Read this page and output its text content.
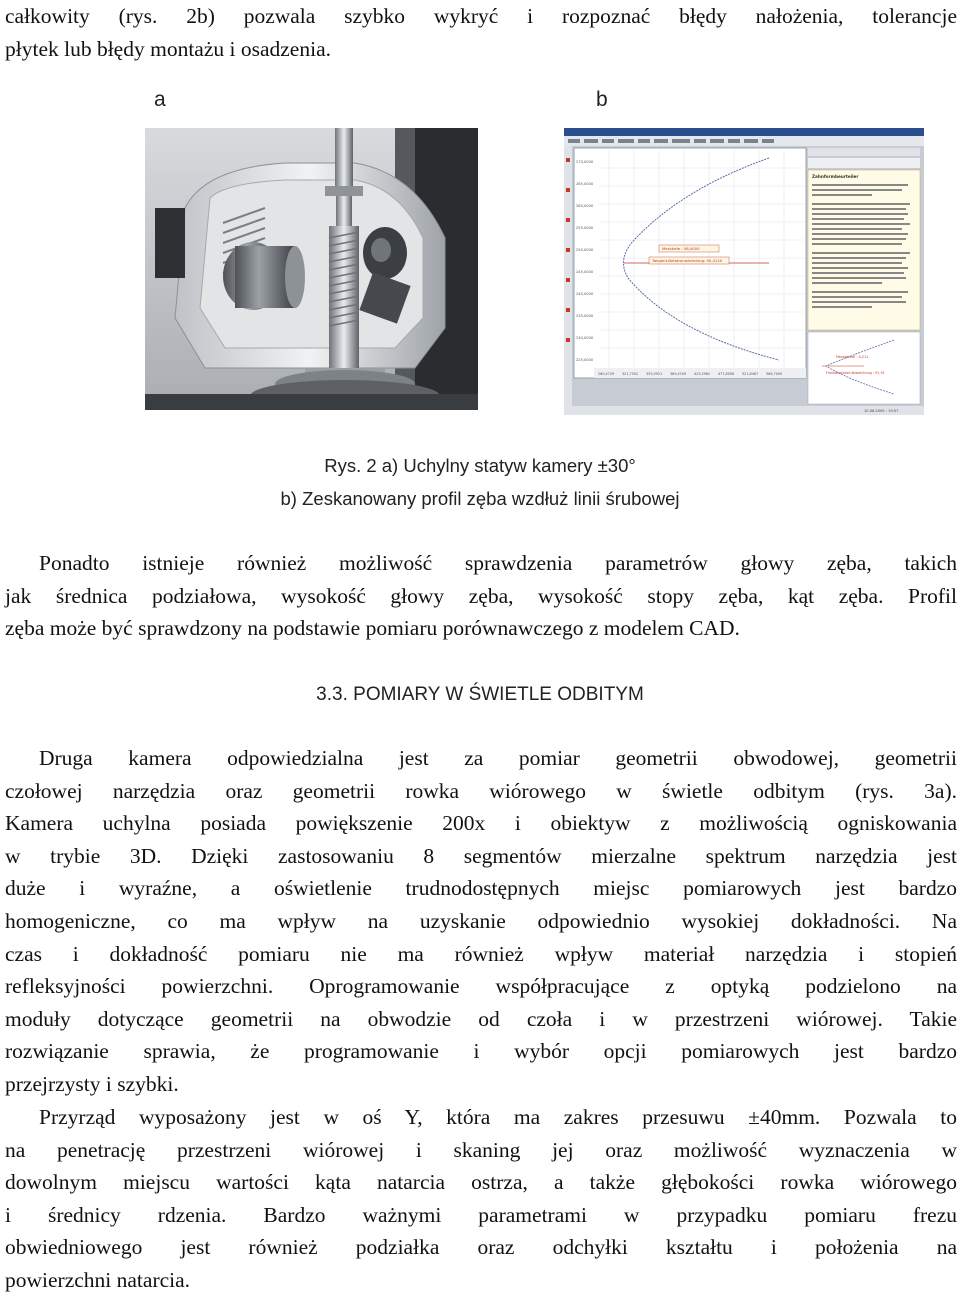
całkowity (rys. 2b) pozwala szybko wykryć i rozpoznać błędy nałożenia, tolerancje
płytek lub błędy montażu i osadzenia.
a	b
270,0000
265,0000
260,0000
255,0000
250,0000
245,0000
240,0000
235,0000
230,0000
225,0000
260,4729 321,7502 355,9921 389,4109 425,5962 477,8008 521,6467 566,7000
Messtiefe : 58,0000
Tangent-Betatronwinkelung: 90,4120
Zahnformbeurteiler
Messwinkel : 4,211
Flankenwinkel-Abweichung : 91,91
10.06.2009 : 19:57
Rys. 2 a) Uchylny statyw kamery ±30°
b) Zeskanowany profil zęba wzdłuż linii śrubowej
Ponadto istnieje również możliwość sprawdzenia parametrów głowy zęba, takich
jak średnica podziałowa, wysokość głowy zęba, wysokość stopy zęba, kąt zęba. Profil
zęba może być sprawdzony na podstawie pomiaru porównawczego z modelem CAD.
3.3. POMIARY W ŚWIETLE ODBITYM
Druga kamera odpowiedzialna jest za pomiar geometrii obwodowej, geometrii
czołowej narzędzia oraz geometrii rowka wiórowego w świetle odbitym (rys. 3a).
Kamera uchylna posiada powiększenie 200x i obiektyw z możliwością ogniskowania
w trybie 3D. Dzięki zastosowaniu 8 segmentów mierzalne spektrum narzędzia jest
duże i wyraźne, a oświetlenie trudnodostępnych miejsc pomiarowych jest bardzo
homogeniczne, co ma wpływ na uzyskanie odpowiednio wysokiej dokładności. Na
czas i dokładność pomiaru nie ma również wpływ materiał narzędzia i stopień
refleksyjności powierzchni. Oprogramowanie współpracujące z optyką podzielono na
moduły dotyczące geometrii na obwodzie od czoła i w przestrzeni wiórowej. Takie
rozwiązanie sprawia, że programowanie i wybór opcji pomiarowych jest bardzo
przejrzysty i szybki.
Przyrząd wyposażony jest w oś Y, która ma zakres przesuwu ±40mm. Pozwala to
na penetrację przestrzeni wiórowej i skaning jej oraz możliwość wyznaczenia w
dowolnym miejscu wartości kąta natarcia ostrza, a także głębokości rowka wiórowego
i średnicy rdzenia. Bardzo ważnymi parametrami w przypadku pomiaru frezu
obwiedniowego jest również podziałka oraz odchyłki kształtu i położenia na
powierzchni natarcia.
